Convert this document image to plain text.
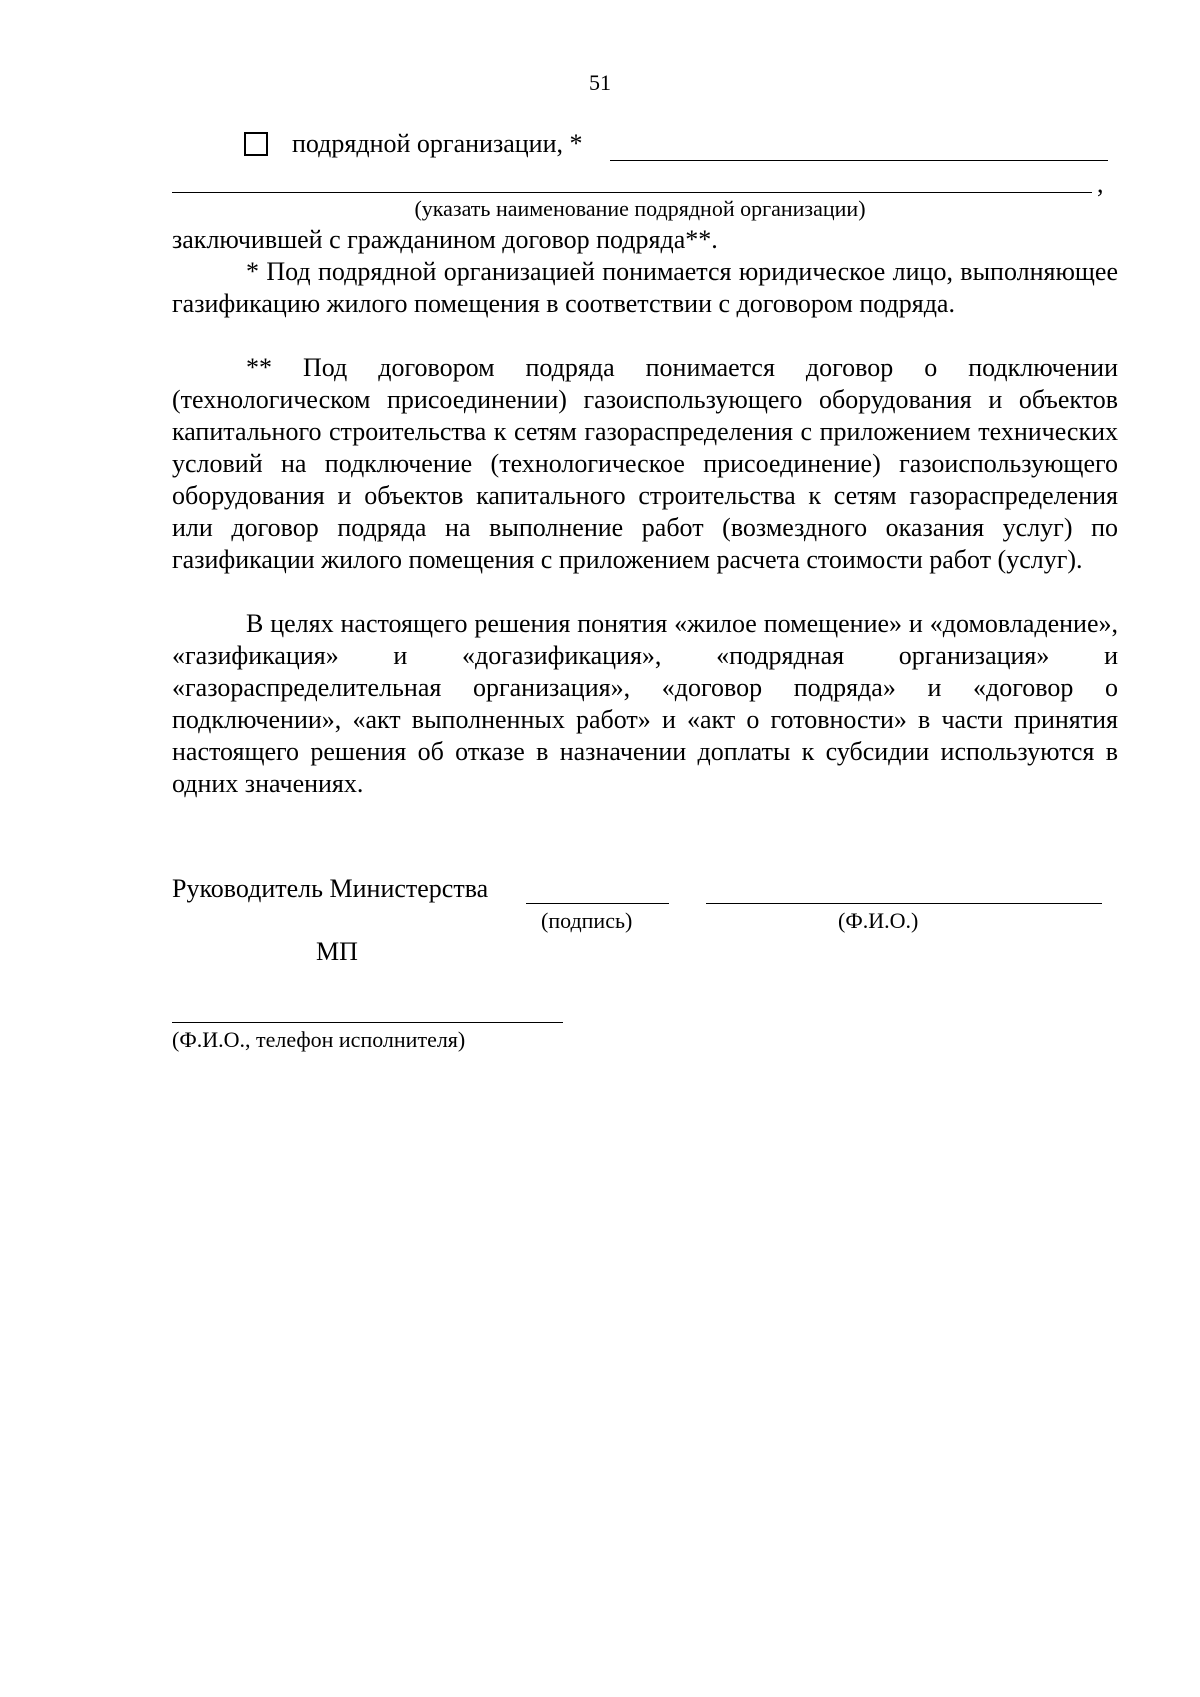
51
подрядной организации, *
,
(указать наименование подрядной организации)
заключившей с гражданином договор подряда**.
* Под подрядной организацией понимается юридическое лицо, выполняющее газификацию жилого помещения в соответствии с договором подряда.
** Под договором подряда понимается договор о подключении (технологическом присоединении) газоиспользующего оборудования и объектов капитального строительства к сетям газораспределения с приложением технических условий на подключение (технологическое присоединение) газоиспользующего оборудования и объектов капитального строительства к сетям газораспределения или договор подряда на выполнение работ (возмездного оказания услуг) по газификации жилого помещения с приложением расчета стоимости работ (услуг).
В целях настоящего решения понятия «жилое помещение» и «домовладение», «газификация» и «догазификация», «подрядная организация» и «газораспределительная организация», «договор подряда» и «договор о подключении», «акт выполненных работ» и «акт о готовности» в части принятия настоящего решения об отказе в назначении доплаты к субсидии используются в одних значениях.
Руководитель Министерства
(подпись)	(Ф.И.О.)
МП
(Ф.И.О., телефон исполнителя)
